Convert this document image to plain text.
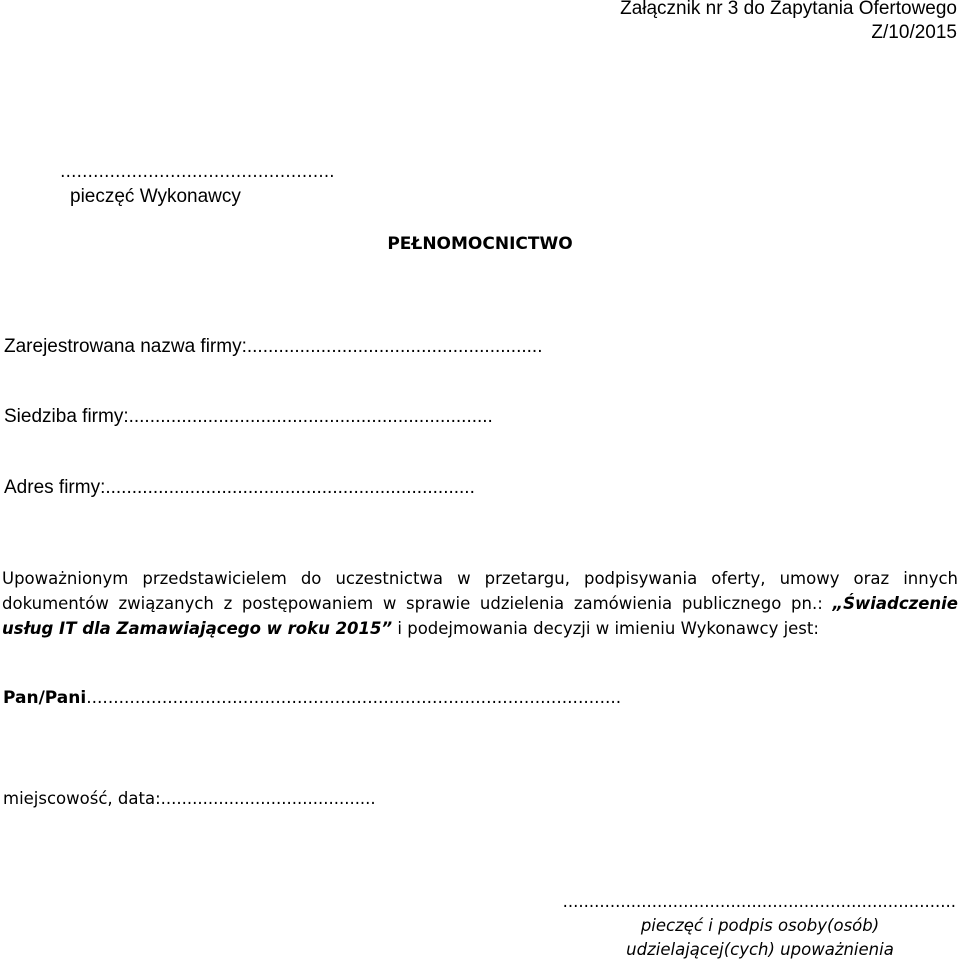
Załącznik nr 3 do Zapytania Ofertowego
Z/10/2015
…………………….…………………….
pieczęć Wykonawcy
PEŁNOMOCNICTWO
Zarejestrowana nazwa firmy:........................................................
Siedziba firmy:.....................................................................
Adres firmy:......................................................................

Upoważnionym przedstawicielem do uczestnictwa w przetargu, podpisywania oferty, umowy oraz innych dokumentów związanych z postępowaniem w sprawie udzielenia zamówienia publicznego pn.: „Świadczenie usług IT dla Zamawiającego w roku 2015” i podejmowania decyzji w imieniu Wykonawcy jest:

Pan/Pani...................................................................................................
miejscowość, data:.........................................
...........................................................................
pieczęć i podpis osoby(osób)
udzielającej(cych) upoważnienia
